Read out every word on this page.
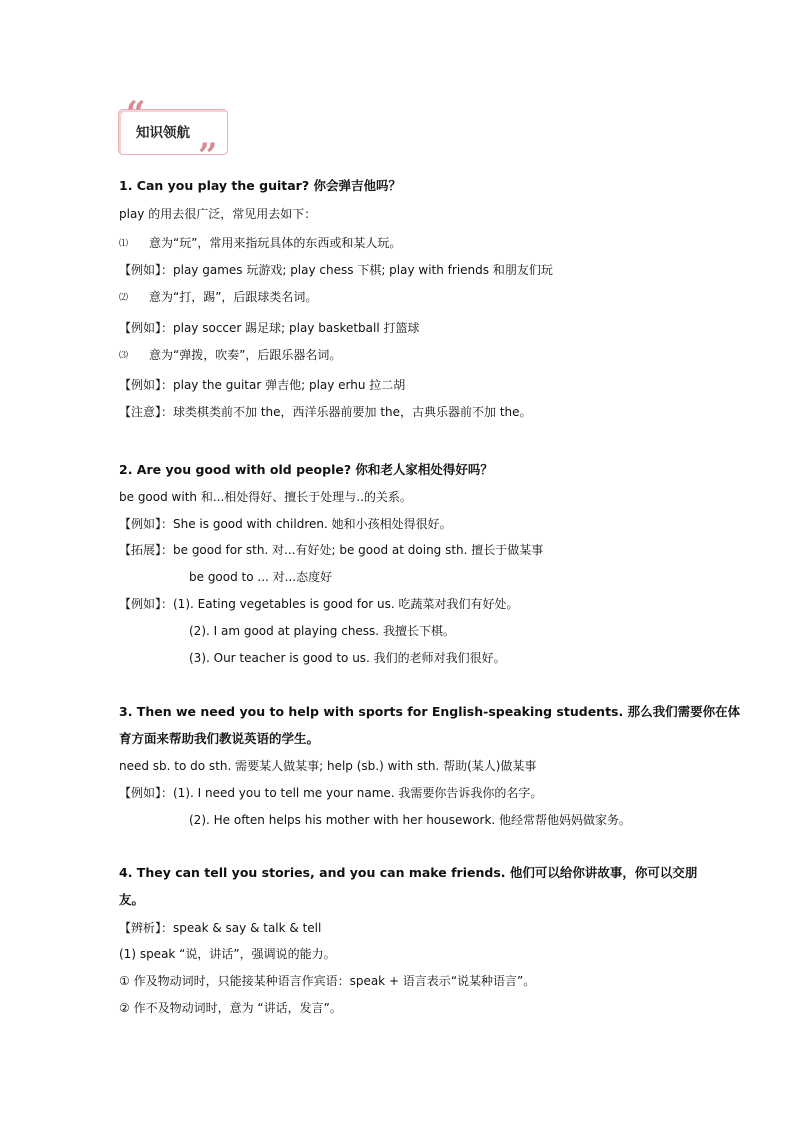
“
”
知识领航
1. Can you play the guitar? 你会弹吉他吗？
play 的用去很广泛，常见用去如下：
⑴ 意为“玩”，常用来指玩具体的东西或和某人玩。
【例如】：play games 玩游戏; play chess 下棋; play with friends 和朋友们玩
⑵ 意为“打，踢”，后跟球类名词。
【例如】：play soccer 踢足球; play basketball 打篮球
⑶ 意为“弹拨，吹奏”，后跟乐器名词。
【例如】：play the guitar 弹吉他; play erhu 拉二胡
【注意】：球类棋类前不加 the，西洋乐器前要加 the，古典乐器前不加 the。
2. Are you good with old people? 你和老人家相处得好吗？
be good with 和...相处得好、擅长于处理与..的关系。
【例如】：She is good with children. 她和小孩相处得很好。
【拓展】：be good for sth. 对...有好处; be good at doing sth. 擅长于做某事
be good to ... 对...态度好
【例如】：(1). Eating vegetables is good for us. 吃蔬菜对我们有好处。
(2). I am good at playing chess. 我擅长下棋。
(3). Our teacher is good to us. 我们的老师对我们很好。
3. Then we need you to help with sports for English-speaking students. 那么我们需要你在体
育方面来帮助我们教说英语的学生。
need sb. to do sth. 需要某人做某事; help (sb.) with sth. 帮助(某人)做某事
【例如】：(1). I need you to tell me your name. 我需要你告诉我你的名字。
(2). He often helps his mother with her housework. 他经常帮他妈妈做家务。
4. They can tell you stories, and you can make friends. 他们可以给你讲故事，你可以交朋
友。
【辨析】：speak & say & talk & tell
(1) speak “说，讲话”，强调说的能力。
① 作及物动词时，只能接某种语言作宾语：speak + 语言表示“说某种语言”。
② 作不及物动词时，意为 “讲话，发言”。
